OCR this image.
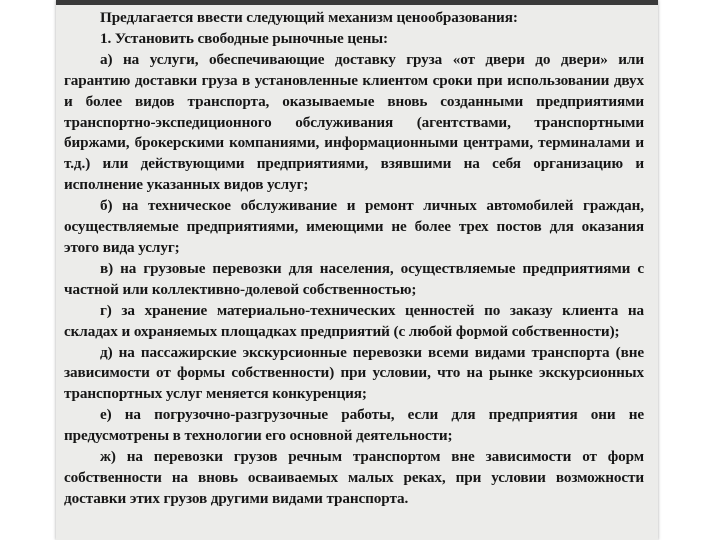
Предлагается ввести следующий механизм ценообразования:

1. Установить свободные рыночные цены:

а) на услуги, обеспечивающие доставку груза «от двери до двери» или гарантию доставки груза в установленные клиентом сроки при использовании двух и более видов транспорта, оказываемые вновь созданными предприятиями транспортно-экспедиционного обслуживания (агентствами, транспортными биржами, брокерскими компаниями, информационными центрами, терминалами и т.д.) или действующими предприятиями, взявшими на себя организацию и исполнение указанных видов услуг;

б) на техническое обслуживание и ремонт личных автомобилей граждан, осуществляемые предприятиями, имеющими не более трех постов для оказания этого вида услуг;

в) на грузовые перевозки для населения, осуществляемые предприятиями с частной или коллективно-долевой собственностью;

г) за хранение материально-технических ценностей по заказу клиента на складах и охраняемых площадках предприятий (с любой формой собственности);

д) на пассажирские экскурсионные перевозки всеми видами транспорта (вне зависимости от формы собственности) при условии, что на рынке экскурсионных транспортных услуг меняется конкуренция;

е) на погрузочно-разгрузочные работы, если для предприятия они не предусмотрены в технологии его основной деятельности;

ж) на перевозки грузов речным транспортом вне зависимости от форм собственности на вновь осваиваемых малых реках, при условии возможности доставки этих грузов другими видами транспорта.
